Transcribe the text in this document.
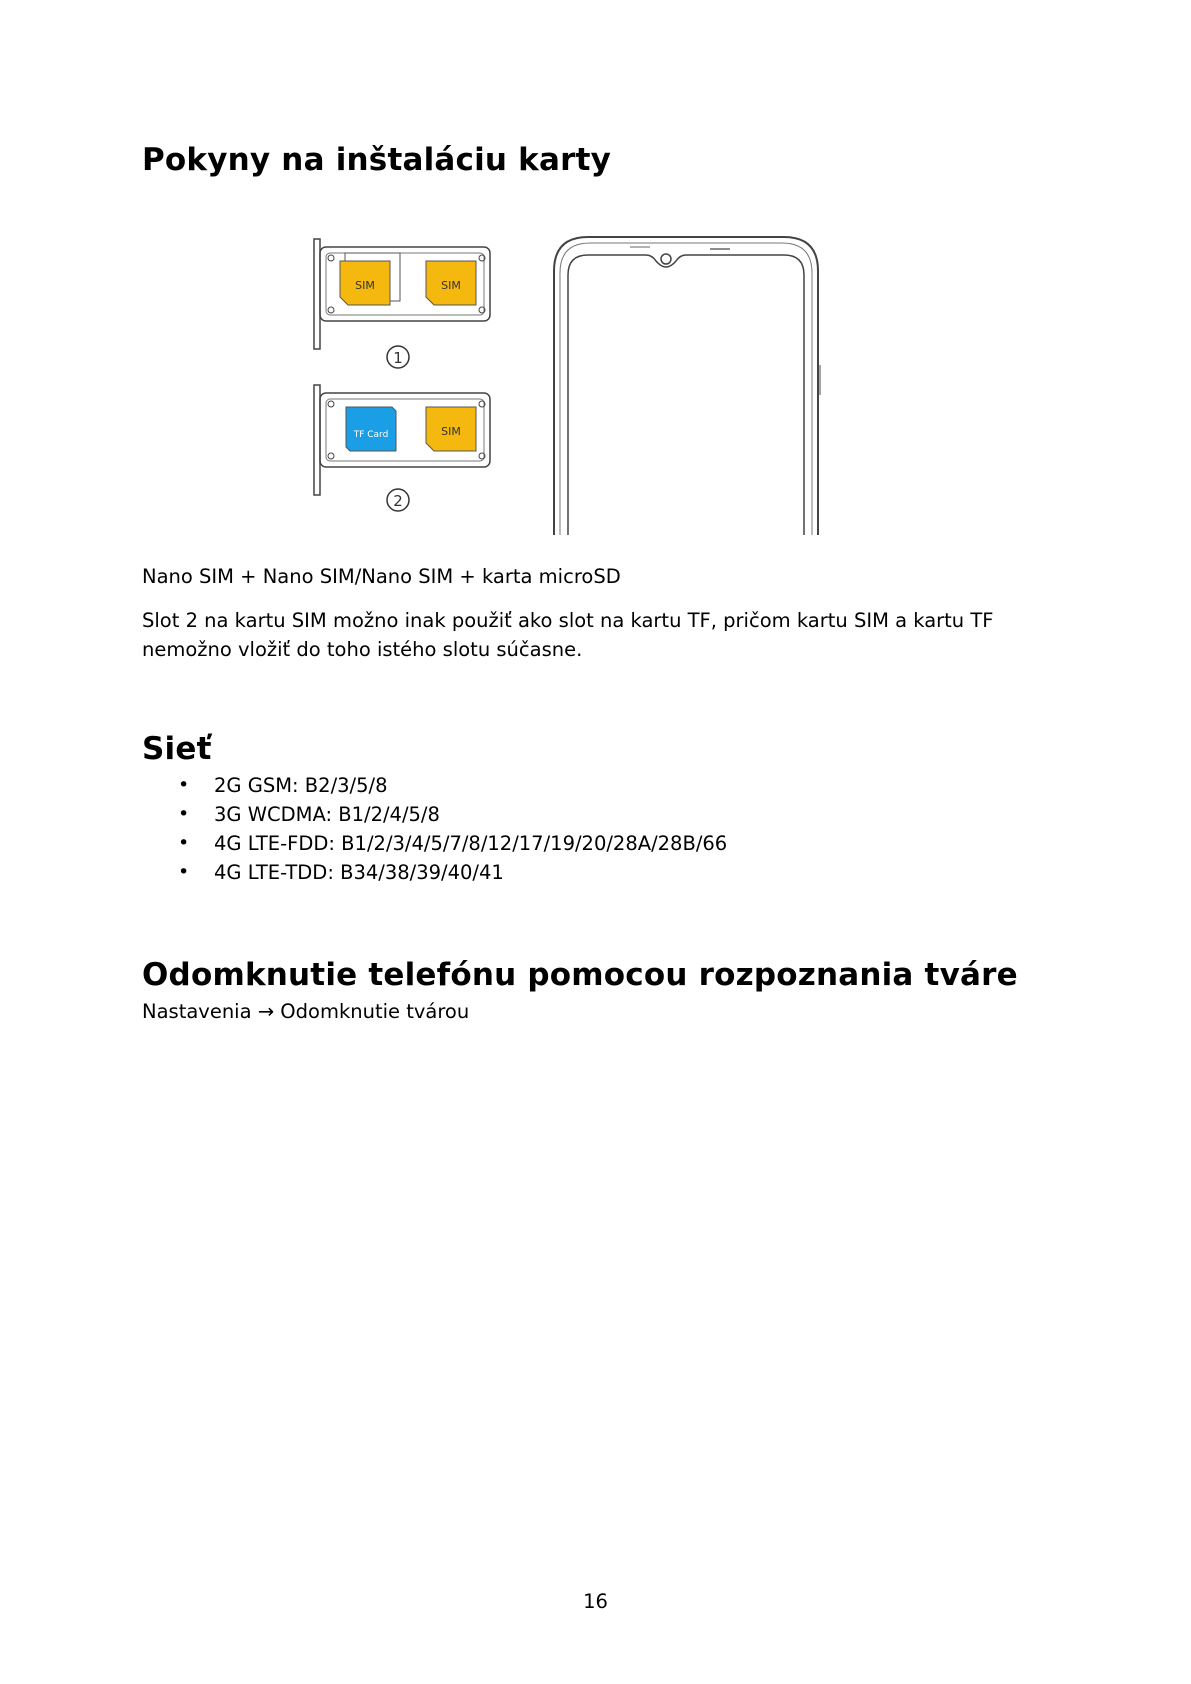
Pokyny na inštaláciu karty
SIM	SIM
1
TF Card	SIM
2

Nano SIM + Nano SIM/Nano SIM + karta microSD

Slot 2 na kartu SIM možno inak použiť ako slot na kartu TF, pričom kartu SIM a kartu TF nemožno vložiť do toho istého slotu súčasne.

Sieť
• 2G GSM: B2/3/5/8
• 3G WCDMA: B1/2/4/5/8
• 4G LTE-FDD: B1/2/3/4/5/7/8/12/17/19/20/28A/28B/66
• 4G LTE-TDD: B34/38/39/40/41
Odomknutie telefónu pomocou rozpoznania tváre

Nastavenia → Odomknutie tvárou

16
